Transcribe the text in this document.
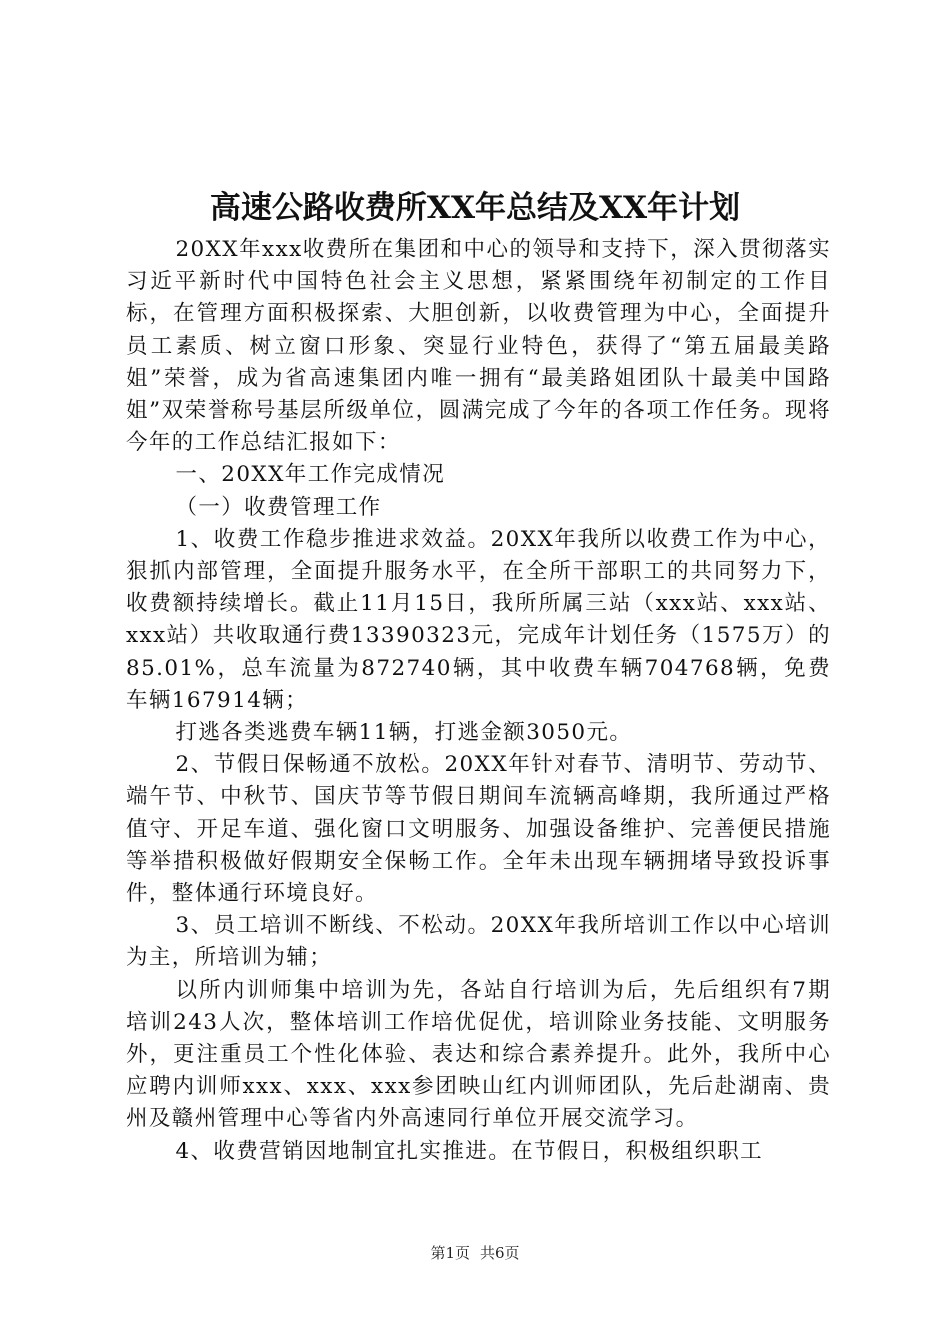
高速公路收费所XX年总结及XX年计划

20XX年xxx收费所在集团和中心的领导和支持下，深入贯彻落实习近平新时代中国特色社会主义思想，紧紧围绕年初制定的工作目标，在管理方面积极探索、大胆创新，以收费管理为中心，全面提升员工素质、树立窗口形象、突显行业特色，获得了“第五届最美路姐”荣誉，成为省高速集团内唯一拥有“最美路姐团队十最美中国路姐”双荣誉称号基层所级单位，圆满完成了今年的各项工作任务。现将今年的工作总结汇报如下：

一、20XX年工作完成情况

（一）收费管理工作

1、收费工作稳步推进求效益。20XX年我所以收费工作为中心，狠抓内部管理，全面提升服务水平，在全所干部职工的共同努力下，收费额持续增长。截止11月15日，我所所属三站（xxx站、xxx站、xxx站）共收取通行费13390323元，完成年计划任务（1575万）的85.01%，总车流量为872740辆，其中收费车辆704768辆，免费车辆167914辆；

打逃各类逃费车辆11辆，打逃金额3050元。

2、节假日保畅通不放松。20XX年针对春节、清明节、劳动节、端午节、中秋节、国庆节等节假日期间车流辆高峰期，我所通过严格值守、开足车道、强化窗口文明服务、加强设备维护、完善便民措施等举措积极做好假期安全保畅工作。全年未出现车辆拥堵导致投诉事件，整体通行环境良好。

3、员工培训不断线、不松动。20XX年我所培训工作以中心培训为主，所培训为辅；

以所内训师集中培训为先，各站自行培训为后，先后组织有7期培训243人次，整体培训工作培优促优，培训除业务技能、文明服务外，更注重员工个性化体验、表达和综合素养提升。此外，我所中心应聘内训师xxx、xxx、xxx参团映山红内训师团队，先后赴湖南、贵州及赣州管理中心等省内外高速同行单位开展交流学习。

4、收费营销因地制宜扎实推进。在节假日，积极组织职工

第1页 共6页
